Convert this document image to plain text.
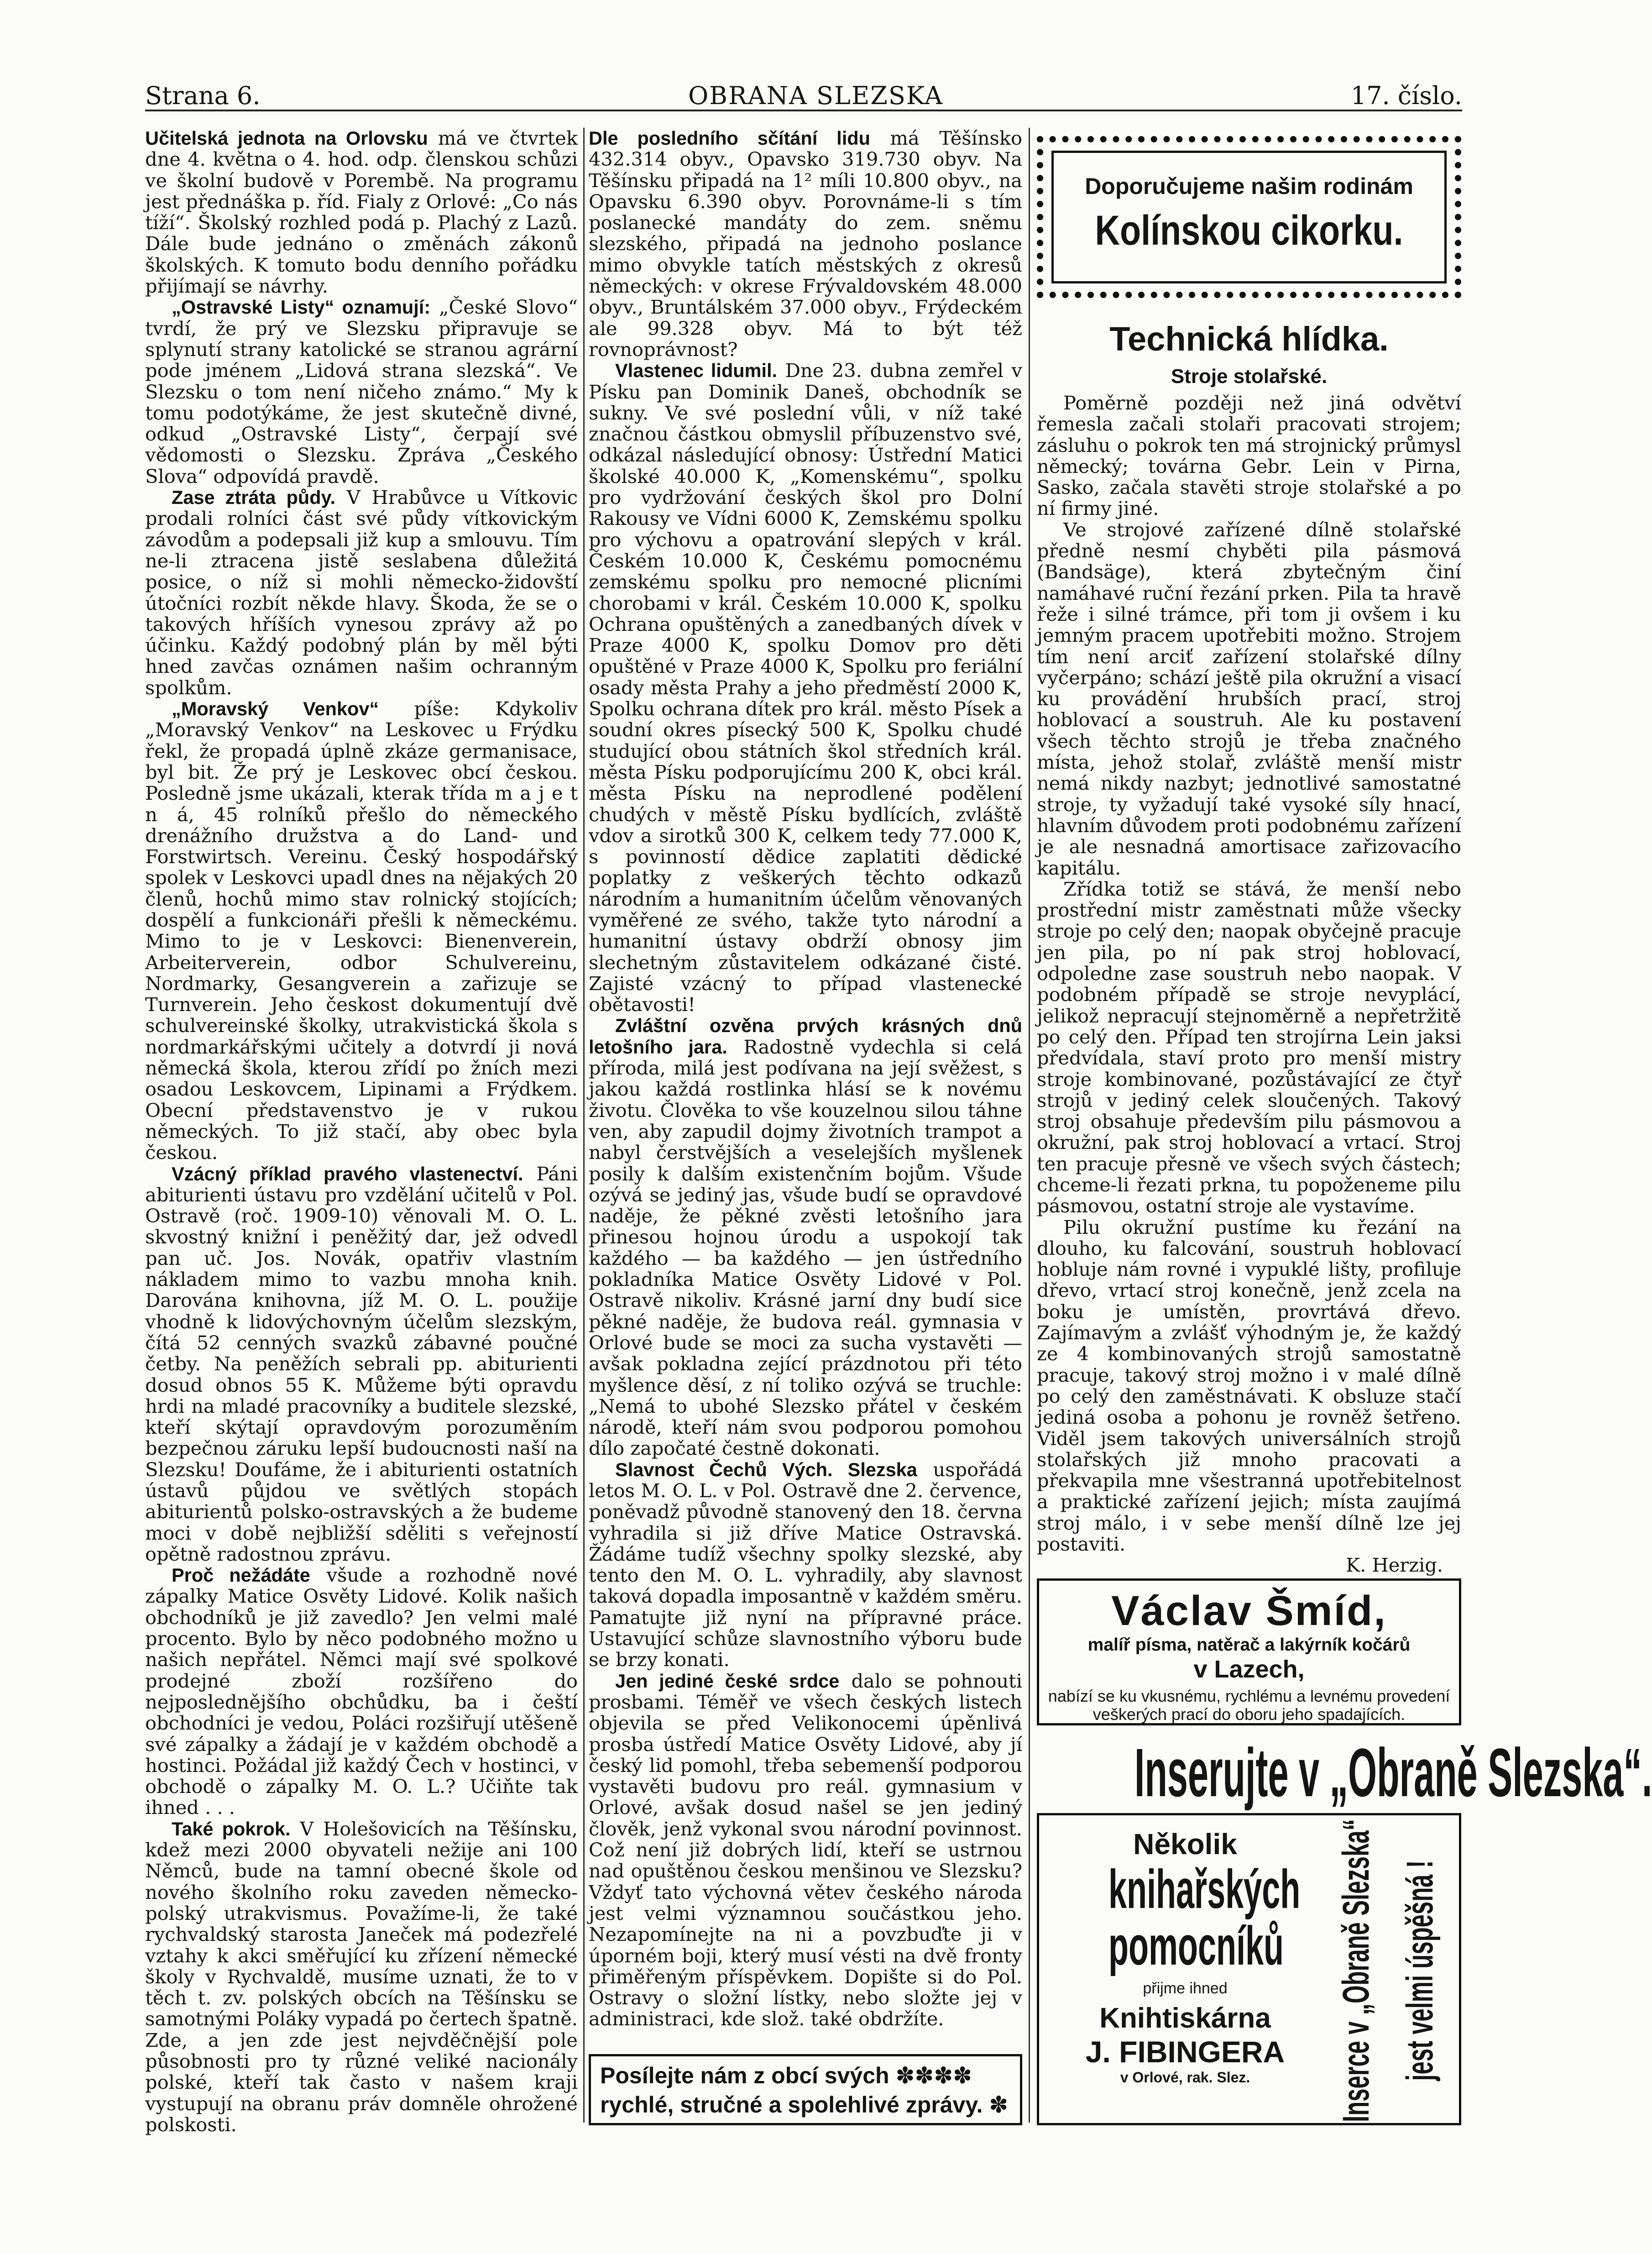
Strana 6.	OBRANA SLEZSKA	17. číslo.

Učitelská jednota na Orlovsku má ve čtvrtek dne 4. května o 4. hod. odp. členskou schůzi ve školní budově v Porembě. Na programu jest přednáška p. říd. Fialy z Orlové: „Co nás tíží“. Školský rozhled podá p. Plachý z Lazů. Dále bude jednáno o změnách zákonů školských. K tomuto bodu denního pořádku přijímají se návrhy.

„Ostravské Listy“ oznamují: „České Slovo“ tvrdí, že prý ve Slezsku připravuje se splynutí strany katolické se stranou agrární pode jménem „Lidová strana slezská“. Ve Slezsku o tom není ničeho známo.“ My k tomu podotýkáme, že jest skutečně divné, odkud „Ostravské Listy“, čerpají své vědomosti o Slezsku. Zpráva „Českého Slova“ odpovídá pravdě.

Zase ztráta půdy. V Hrabůvce u Vítkovic prodali rolníci část své půdy vítkovickým závodům a podepsali již kup a smlouvu. Tím ne-li ztracena jistě seslabena důležitá posice, o níž si mohli německo-židovští útočníci rozbít někde hlavy. Škoda, že se o takových hříších vynesou zprávy až po účinku. Každý podobný plán by měl býti hned zavčas oznámen našim ochranným spolkům.

„Moravský Venkov“ píše: Kdykoliv „Moravský Venkov“ na Leskovec u Frýdku řekl, že propadá úplně zkáze germanisace, byl bit. Že prý je Leskovec obcí českou. Posledně jsme ukázali, kterak třída m a j e t n á, 45 rolníků přešlo do německého drenážního družstva a do Land- und Forstwirtsch. Vereinu. Český hospodářský spolek v Leskovci upadl dnes na nějakých 20 členů, hochů mimo stav rolnický stojících; dospělí a funkcionáři přešli k německému. Mimo to je v Leskovci: Bienenverein, Arbeiterverein, odbor Schulvereinu, Nordmarky, Gesangverein a zařizuje se Turnverein. Jeho českost dokumentují dvě schulvereinské školky, utrakvistická škola s nordmarkářskými učitely a dotvrdí ji nová německá škola, kterou zřídí po žních mezi osadou Leskovcem, Lipinami a Frýdkem. Obecní představenstvo je v rukou německých. To již stačí, aby obec byla českou.

Vzácný příklad pravého vlastenectví. Páni abiturienti ústavu pro vzdělání učitelů v Pol. Ostravě (roč. 1909-10) věnovali M. O. L. skvostný knižní i peněžitý dar, jež odvedl pan uč. Jos. Novák, opatřiv vlastním nákladem mimo to vazbu mnoha knih. Darována knihovna, jíž M. O. L. použije vhodně k lidovýchovným účelům slezským, čítá 52 cenných svazků zábavné poučné četby. Na peněžích sebrali pp. abiturienti dosud obnos 55 K. Můžeme býti opravdu hrdi na mladé pracovníky a buditele slezské, kteří skýtají opravdovým porozuměním bezpečnou záruku lepší budoucnosti naší na Slezsku! Doufáme, že i abiturienti ostatních ústavů půjdou ve světlých stopách abiturientů polsko-ostravských a že budeme moci v době nejbližší sděliti s veřejností opětně radostnou zprávu.

Proč nežádáte všude a rozhodně nové zápalky Matice Osvěty Lidové. Kolik našich obchodníků je již zavedlo? Jen velmi malé procento. Bylo by něco podobného možno u našich nepřátel. Němci mají své spolkové prodejné zboží rozšířeno do nejposlednějšího obchůdku, ba i čeští obchodníci je vedou, Poláci rozšiřují utěšeně své zápalky a žádají je v každém obchodě a hostinci. Požádal již každý Čech v hostinci, v obchodě o zápalky M. O. L.? Učiňte tak ihned . . .

Také pokrok. V Holešovicích na Těšínsku, kdež mezi 2000 obyvateli nežije ani 100 Němců, bude na tamní obecné škole od nového školního roku zaveden německo-polský utrakvismus. Považíme-li, že také rychvaldský starosta Janeček má podezřelé vztahy k akci směřující ku zřízení německé školy v Rychvaldě, musíme uznati, že to v těch t. zv. polských obcích na Těšínsku se samotnými Poláky vypadá po čertech špatně. Zde, a jen zde jest nejvděčnější pole působnosti pro ty různé veliké nacionály polské, kteří tak často v našem kraji vystupují na obranu práv domněle ohrožené polskosti.

Dle posledního sčítání lidu má Těšínsko 432.314 obyv., Opavsko 319.730 obyv. Na Těšínsku připadá na 1² míli 10.800 obyv., na Opavsku 6.390 obyv. Porovnáme-li s tím poslanecké mandáty do zem. sněmu slezského, připadá na jednoho poslance mimo obvykle tatích městských z okresů německých: v okrese Frývaldovském 48.000 obyv., Bruntálském 37.000 obyv., Frýdeckém ale 99.328 obyv. Má to být též rovnoprávnost?

Vlastenec lidumil. Dne 23. dubna zemřel v Písku pan Dominik Daneš, obchodník se sukny. Ve své poslední vůli, v níž také značnou částkou obmyslil příbuzenstvo své, odkázal následující obnosy: Ústřední Matici školské 40.000 K, „Komenskému“, spolku pro vydržování českých škol pro Dolní Rakousy ve Vídni 6000 K, Zemskému spolku pro výchovu a opatrování slepých v král. Českém 10.000 K, Českému pomocnému zemskému spolku pro nemocné plicními chorobami v král. Českém 10.000 K, spolku Ochrana opuštěných a zanedbaných dívek v Praze 4000 K, spolku Domov pro děti opuštěné v Praze 4000 K, Spolku pro feriální osady města Prahy a jeho předměstí 2000 K, Spolku ochrana dítek pro král. město Písek a soudní okres písecký 500 K, Spolku chudé studující obou státních škol středních král. města Písku podporujícímu 200 K, obci král. města Písku na neprodlené podělení chudých v městě Písku bydlících, zvláště vdov a sirotků 300 K, celkem tedy 77.000 K, s povinností dědice zaplatiti dědické poplatky z veškerých těchto odkazů národním a humanitním účelům věnovaných vyměřené ze svého, takže tyto národní a humanitní ústavy obdrží obnosy jim slechetným zůstavitelem odkázané čisté. Zajisté vzácný to případ vlastenecké obětavosti!

Zvláštní ozvěna prvých krásných dnů letošního jara. Radostně vydechla si celá příroda, milá jest podívana na její svěžest, s jakou každá rostlinka hlásí se k novému životu. Člověka to vše kouzelnou silou táhne ven, aby zapudil dojmy životních trampot a nabyl čerstvějších a veselejších myšlenek posily k dalším existenčním bojům. Všude ozývá se jediný jas, všude budí se opravdové naděje, že pěkné zvěsti letošního jara přinesou hojnou úrodu a uspokojí tak každého — ba každého — jen ústředního pokladníka Matice Osvěty Lidové v Pol. Ostravě nikoliv. Krásné jarní dny budí sice pěkné naděje, že budova reál. gymnasia v Orlové bude se moci za sucha vystavěti — avšak pokladna zející prázdnotou při této myšlence děsí, z ní toliko ozývá se truchle: „Nemá to ubohé Slezsko přátel v českém národě, kteří nám svou podporou pomohou dílo započaté čestně dokonati.

Slavnost Čechů Vých. Slezska uspořádá letos M. O. L. v Pol. Ostravě dne 2. července, poněvadž původně stanovený den 18. června vyhradila si již dříve Matice Ostravská. Žádáme tudíž všechny spolky slezské, aby tento den M. O. L. vyhradily, aby slavnost taková dopadla imposantně v každém směru. Pamatujte již nyní na přípravné práce. Ustavující schůze slavnostního výboru bude se brzy konati.

Jen jediné české srdce dalo se pohnouti prosbami. Téměř ve všech českých listech objevila se před Velikonocemi úpěnlivá prosba ústředí Matice Osvěty Lidové, aby jí český lid pomohl, třeba sebemenší podporou vystavěti budovu pro reál. gymnasium v Orlové, avšak dosud našel se jen jediný člověk, jenž vykonal svou národní povinnost. Což není již dobrých lidí, kteří se ustrnou nad opuštěnou českou menšinou ve Slezsku? Vždyť tato výchovná větev českého národa jest velmi významnou součástkou jeho. Nezapomínejte na ni a povzbuďte ji v úporném boji, který musí vésti na dvě fronty přiměřeným příspěvkem. Dopište si do Pol. Ostravy o složní lístky, nebo složte jej v administraci, kde slož. také obdržíte.

Posílejte nám z obcí svých ✽✽✽✽
rychlé, stručné a spolehlivé zprávy. ✽
Doporučujeme našim rodinám
Kolínskou cikorku.
Technická hlídka.
Stroje stolařské.

Poměrně později než jiná odvětví řemesla začali stolaři pracovati strojem; zásluhu o pokrok ten má strojnický průmysl německý; továrna Gebr. Lein v Pirna, Sasko, začala stavěti stroje stolařské a po ní firmy jiné.

Ve strojové zařízené dílně stolařské předně nesmí chyběti pila pásmová (Bandsäge), která zbytečným činí namáhavé ruční řezání prken. Pila ta hravě řeže i silné trámce, při tom ji ovšem i ku jemným pracem upotřebiti možno. Strojem tím není arciť zařízení stolařské dílny vyčerpáno; schází ještě pila okružní a visací ku provádění hrubších prací, stroj hoblovací a soustruh. Ale ku postavení všech těchto strojů je třeba značného místa, jehož stolař, zvláště menší mistr nemá nikdy nazbyt; jednotlivé samostatné stroje, ty vyžadují také vysoké síly hnací, hlavním důvodem proti podobnému zařízení je ale nesnadná amortisace zařizovacího kapitálu.

Zřídka totiž se stává, že menší nebo prostřední mistr zaměstnati může všecky stroje po celý den; naopak obyčejně pracuje jen pila, po ní pak stroj hoblovací, odpoledne zase soustruh nebo naopak. V podobném případě se stroje nevyplácí, jelikož nepracují stejnoměrně a nepřetržitě po celý den. Případ ten strojírna Lein jaksi předvídala, staví proto pro menší mistry stroje kombinované, pozůstávající ze čtyř strojů v jediný celek sloučených. Takový stroj obsahuje především pilu pásmovou a okružní, pak stroj hoblovací a vrtací. Stroj ten pracuje přesně ve všech svých částech; chceme-li řezati prkna, tu popoženeme pilu pásmovou, ostatní stroje ale vystavíme.

Pilu okružní pustíme ku řezání na dlouho, ku falcování, soustruh hoblovací hobluje nám rovné i vypuklé lišty, profiluje dřevo, vrtací stroj konečně, jenž zcela na boku je umístěn, provrtává dřevo. Zajímavým a zvlášť výhodným je, že každý ze 4 kombinovaných strojů samostatně pracuje, takový stroj možno i v malé dílně po celý den zaměstnávati. K obsluze stačí jediná osoba a pohonu je rovněž šetřeno. Viděl jsem takových universálních strojů stolařských již mnoho pracovati a překvapila mne všestranná upotřebitelnost a praktické zařízení jejich; místa zaujímá stroj málo, i v sebe menší dílně lze jej postaviti.

K. Herzig.
Václav Šmíd,
malíř písma, natěrač a lakýrník kočárů
v Lazech,
nabízí se ku vkusnému, rychlému a levnému provedení veškerých prací do oboru jeho spadajících.
Inserujte v „Obraně Slezska“.
Několik
knihařských
pomocníků
přijme ihned
Knihtiskárna
J. FIBINGERA
v Orlové, rak. Slez.	Inserce v „Obraně Slezska“ jest velmi úspěšná !
